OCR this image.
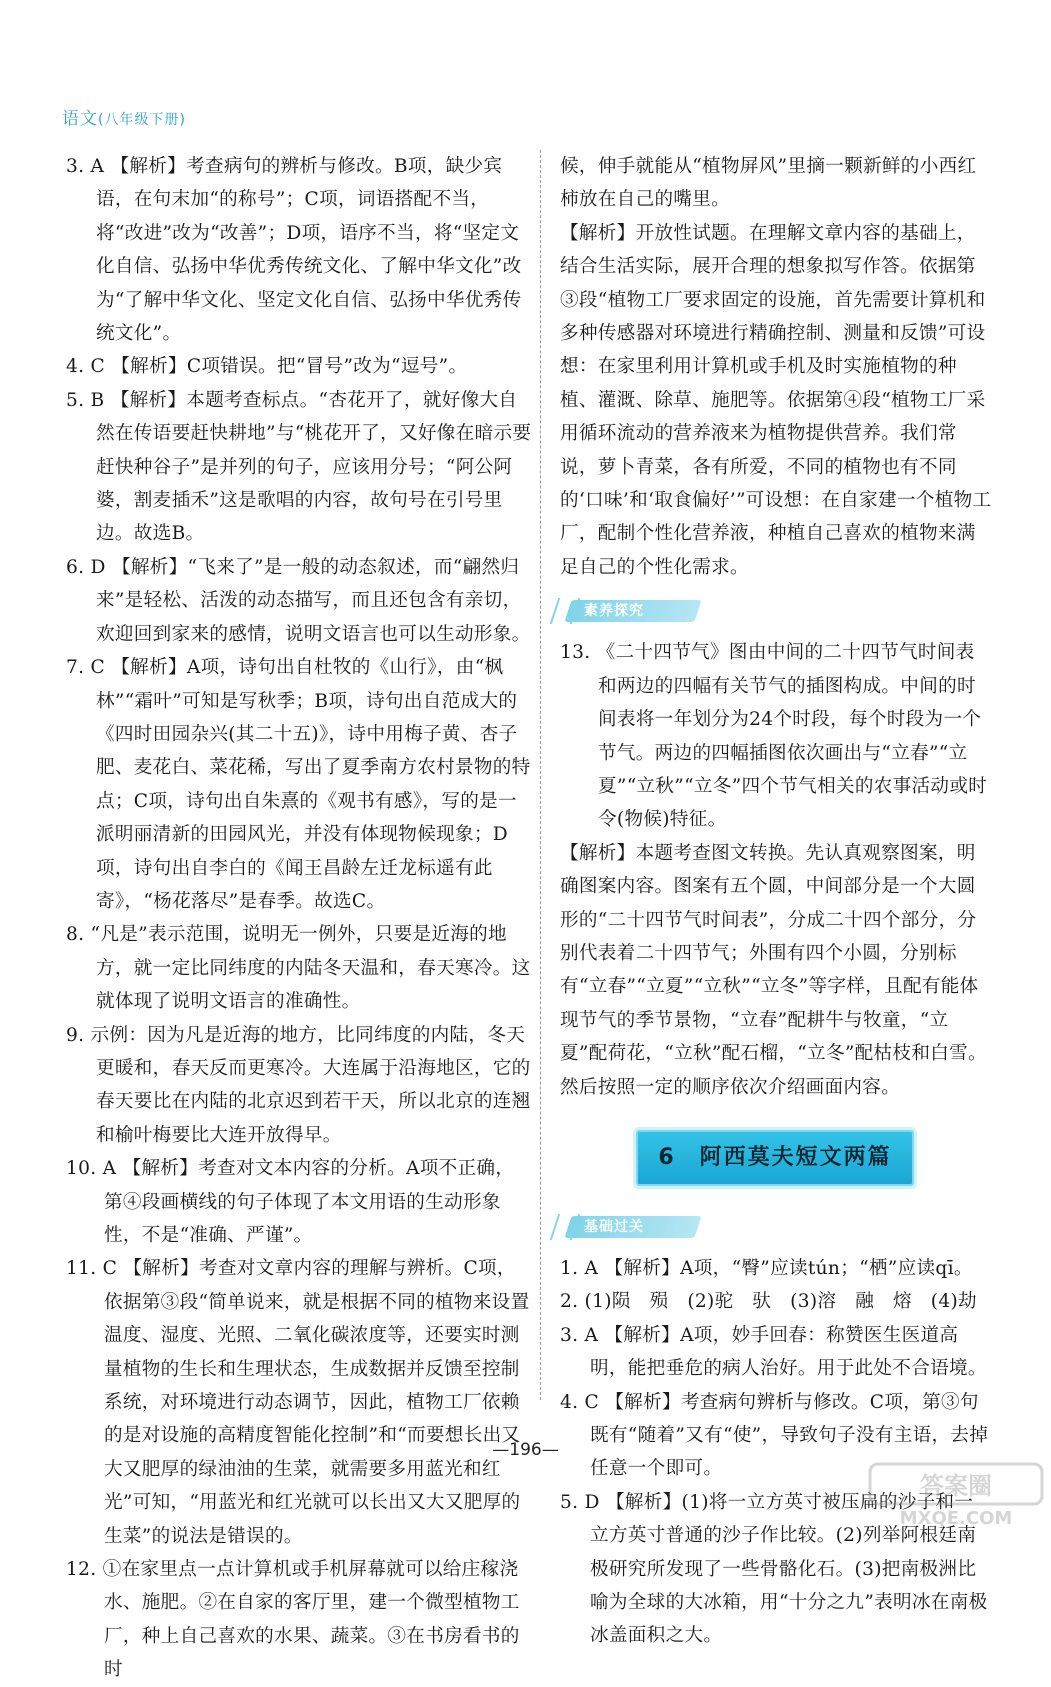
语文(八年级下册)

3. A 【解析】考查病句的辨析与修改。B项，缺少宾语，在句末加“的称号”；C项，词语搭配不当，将“改进”改为“改善”；D项，语序不当，将“坚定文化自信、弘扬中华优秀传统文化、了解中华文化”改为“了解中华文化、坚定文化自信、弘扬中华优秀传统文化”。

4. C 【解析】C项错误。把“冒号”改为“逗号”。

5. B 【解析】本题考查标点。“杏花开了，就好像大自然在传语要赶快耕地”与“桃花开了，又好像在暗示要赶快种谷子”是并列的句子，应该用分号；“阿公阿婆，割麦插禾”这是歌唱的内容，故句号在引号里边。故选B。

6. D 【解析】“飞来了”是一般的动态叙述，而“翩然归来”是轻松、活泼的动态描写，而且还包含有亲切，欢迎回到家来的感情，说明文语言也可以生动形象。

7. C 【解析】A项，诗句出自杜牧的《山行》，由“枫林”“霜叶”可知是写秋季；B项，诗句出自范成大的《四时田园杂兴(其二十五)》，诗中用梅子黄、杏子肥、麦花白、菜花稀，写出了夏季南方农村景物的特点；C项，诗句出自朱熹的《观书有感》，写的是一派明丽清新的田园风光，并没有体现物候现象；D项，诗句出自李白的《闻王昌龄左迁龙标遥有此寄》，“杨花落尽”是春季。故选C。

8. “凡是”表示范围，说明无一例外，只要是近海的地方，就一定比同纬度的内陆冬天温和，春天寒冷。这就体现了说明文语言的准确性。

9. 示例：因为凡是近海的地方，比同纬度的内陆，冬天更暖和，春天反而更寒冷。大连属于沿海地区，它的春天要比在内陆的北京迟到若干天，所以北京的连翘和榆叶梅要比大连开放得早。

10. A 【解析】考查对文本内容的分析。A项不正确，第④段画横线的句子体现了本文用语的生动形象性，不是“准确、严谨”。

11. C 【解析】考查对文章内容的理解与辨析。C项，依据第③段“简单说来，就是根据不同的植物来设置温度、湿度、光照、二氧化碳浓度等，还要实时测量植物的生长和生理状态，生成数据并反馈至控制系统，对环境进行动态调节，因此，植物工厂依赖的是对设施的高精度智能化控制”和“而要想长出又大又肥厚的绿油油的生菜，就需要多用蓝光和红光”可知，“用蓝光和红光就可以长出又大又肥厚的生菜”的说法是错误的。

12. ①在家里点一点计算机或手机屏幕就可以给庄稼浇水、施肥。②在自家的客厅里，建一个微型植物工厂，种上自己喜欢的水果、蔬菜。③在书房看书的时

候，伸手就能从“植物屏风”里摘一颗新鲜的小西红柿放在自己的嘴里。

【解析】开放性试题。在理解文章内容的基础上，结合生活实际，展开合理的想象拟写作答。依据第③段“植物工厂要求固定的设施，首先需要计算机和多种传感器对环境进行精确控制、测量和反馈”可设想：在家里利用计算机或手机及时实施植物的种植、灌溉、除草、施肥等。依据第④段“植物工厂采用循环流动的营养液来为植物提供营养。我们常说，萝卜青菜，各有所爱，不同的植物也有不同的‘口味’和‘取食偏好’”可设想：在自家建一个植物工厂，配制个性化营养液，种植自己喜欢的植物来满足自己的个性化需求。

素养探究

13. 《二十四节气》图由中间的二十四节气时间表和两边的四幅有关节气的插图构成。中间的时间表将一年划分为24个时段，每个时段为一个节气。两边的四幅插图依次画出与“立春”“立夏”“立秋”“立冬”四个节气相关的农事活动或时令(物候)特征。

【解析】本题考查图文转换。先认真观察图案，明确图案内容。图案有五个圆，中间部分是一个大圆形的“二十四节气时间表”，分成二十四个部分，分别代表着二十四节气；外围有四个小圆，分别标有“立春”“立夏”“立秋”“立冬”等字样，且配有能体现节气的季节景物，“立春”配耕牛与牧童，“立夏”配荷花，“立秋”配石榴，“立冬”配枯枝和白雪。然后按照一定的顺序依次介绍画面内容。

6　阿西莫夫短文两篇
基础过关

1. A 【解析】A项，“臀”应读tún；“栖”应读qī。

2. (1)陨　殒　(2)驼　驮　(3)溶　融　熔　(4)劫

3. A 【解析】A项，妙手回春：称赞医生医道高明，能把垂危的病人治好。用于此处不合语境。

4. C 【解析】考查病句辨析与修改。C项，第③句既有“随着”又有“使”，导致句子没有主语，去掉任意一个即可。

5. D 【解析】(1)将一立方英寸被压扁的沙子和一立方英寸普通的沙子作比较。(2)列举阿根廷南极研究所发现了一些骨骼化石。(3)把南极洲比喻为全球的大冰箱，用“十分之九”表明冰在南极冰盖面积之大。

—196—
答案圈
MXQE.COM
